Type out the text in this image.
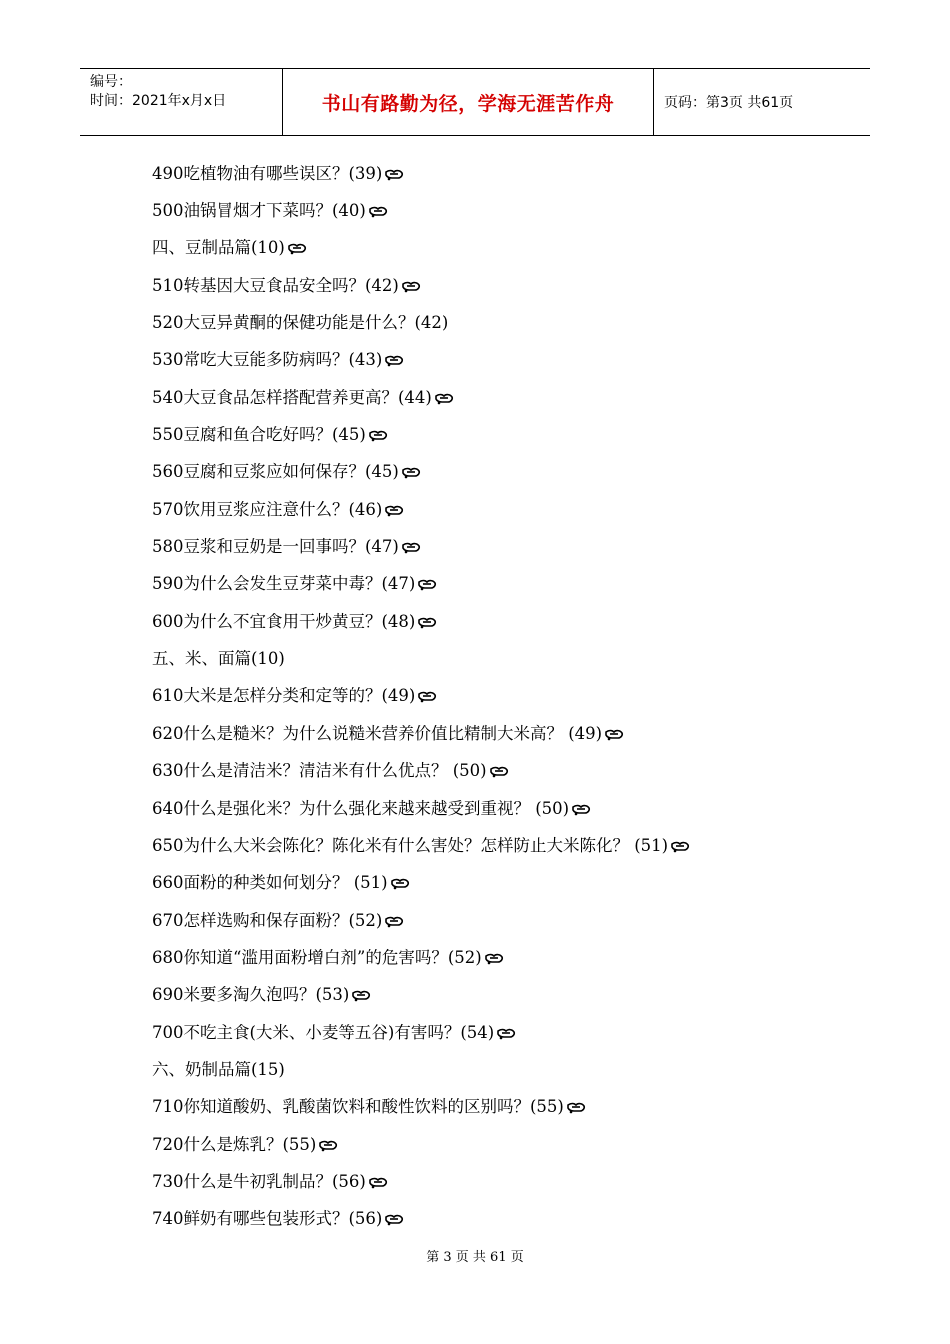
编号：
时间：2021年x月x日	书山有路勤为径，学海无涯苦作舟	页码：第3页 共61页
490吃植物油有哪些误区？(39)
500油锅冒烟才下菜吗？(40)
四、豆制品篇(10)
510转基因大豆食品安全吗？(42)
520大豆异黄酮的保健功能是什么？(42)
530常吃大豆能多防病吗？(43)
540大豆食品怎样搭配营养更高？(44)
550豆腐和鱼合吃好吗？(45)
560豆腐和豆浆应如何保存？(45)
570饮用豆浆应注意什么？(46)
580豆浆和豆奶是一回事吗？(47)
590为什么会发生豆芽菜中毒？(47)
600为什么不宜食用干炒黄豆？(48)
五、米、面篇(10)
610大米是怎样分类和定等的？(49)
620什么是糙米？为什么说糙米营养价值比精制大米高？ (49)
630什么是清洁米？清洁米有什么优点？ (50)
640什么是强化米？为什么强化来越来越受到重视？ (50)
650为什么大米会陈化？陈化米有什么害处？怎样防止大米陈化？ (51)
660面粉的种类如何划分？ (51)
670怎样选购和保存面粉？(52)
680你知道“滥用面粉增白剂”的危害吗？(52)
690米要多淘久泡吗？(53)
700不吃主食(大米、小麦等五谷)有害吗？(54)
六、奶制品篇(15)
710你知道酸奶、乳酸菌饮料和酸性饮料的区别吗？(55)
720什么是炼乳？(55)
730什么是牛初乳制品？(56)
740鲜奶有哪些包装形式？(56)
第 3 页 共 61 页
